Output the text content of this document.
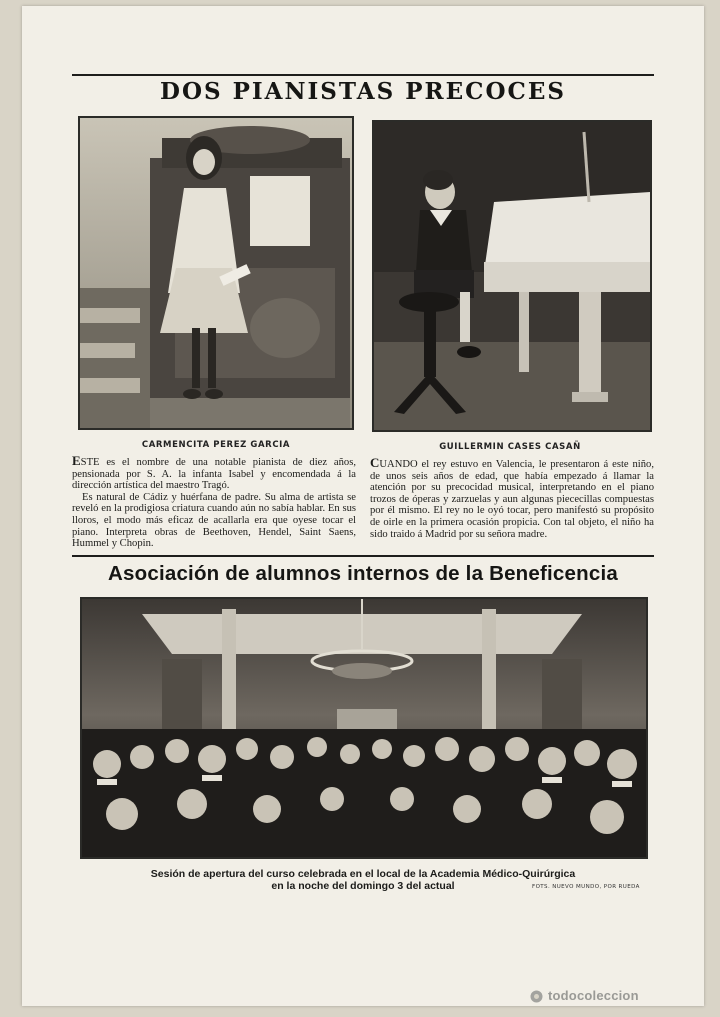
DOS PIANISTAS PRECOCES
CARMENCITA PEREZ GARCIA	GUILLERMIN CASES CASAÑ

ESTE es el nombre de una notable pianista de diez años, pensionada por S. A. la infanta Isabel y encomendada á la dirección artística del maestro Tragó.

Es natural de Cádiz y huérfana de padre. Su alma de artista se reveló en la prodigiosa criatura cuando aún no sabía hablar. En sus lloros, el modo más eficaz de acallarla era que oyese tocar el piano. Interpreta obras de Beethoven, Hendel, Saint Saens, Hummel y Chopin.

CUANDO el rey estuvo en Valencia, le presentaron á este niño, de unos seis años de edad, que había empezado á llamar la atención por su precocidad musical, interpretando en el piano trozos de óperas y zarzuelas y aun algunas piececillas compuestas por él mismo. El rey no le oyó tocar, pero manifestó su propósito de oirle en la primera ocasión propicia. Con tal objeto, el niño ha sido traido á Madrid por su señora madre.

Asociación de alumnos internos de la Beneficencia
Sesión de apertura del curso celebrada en el local de la Academia Médico-Quirúrgica
en la noche del domingo 3 del actual	FOTS. NUEVO MUNDO, POR RUEDA
todocoleccion
